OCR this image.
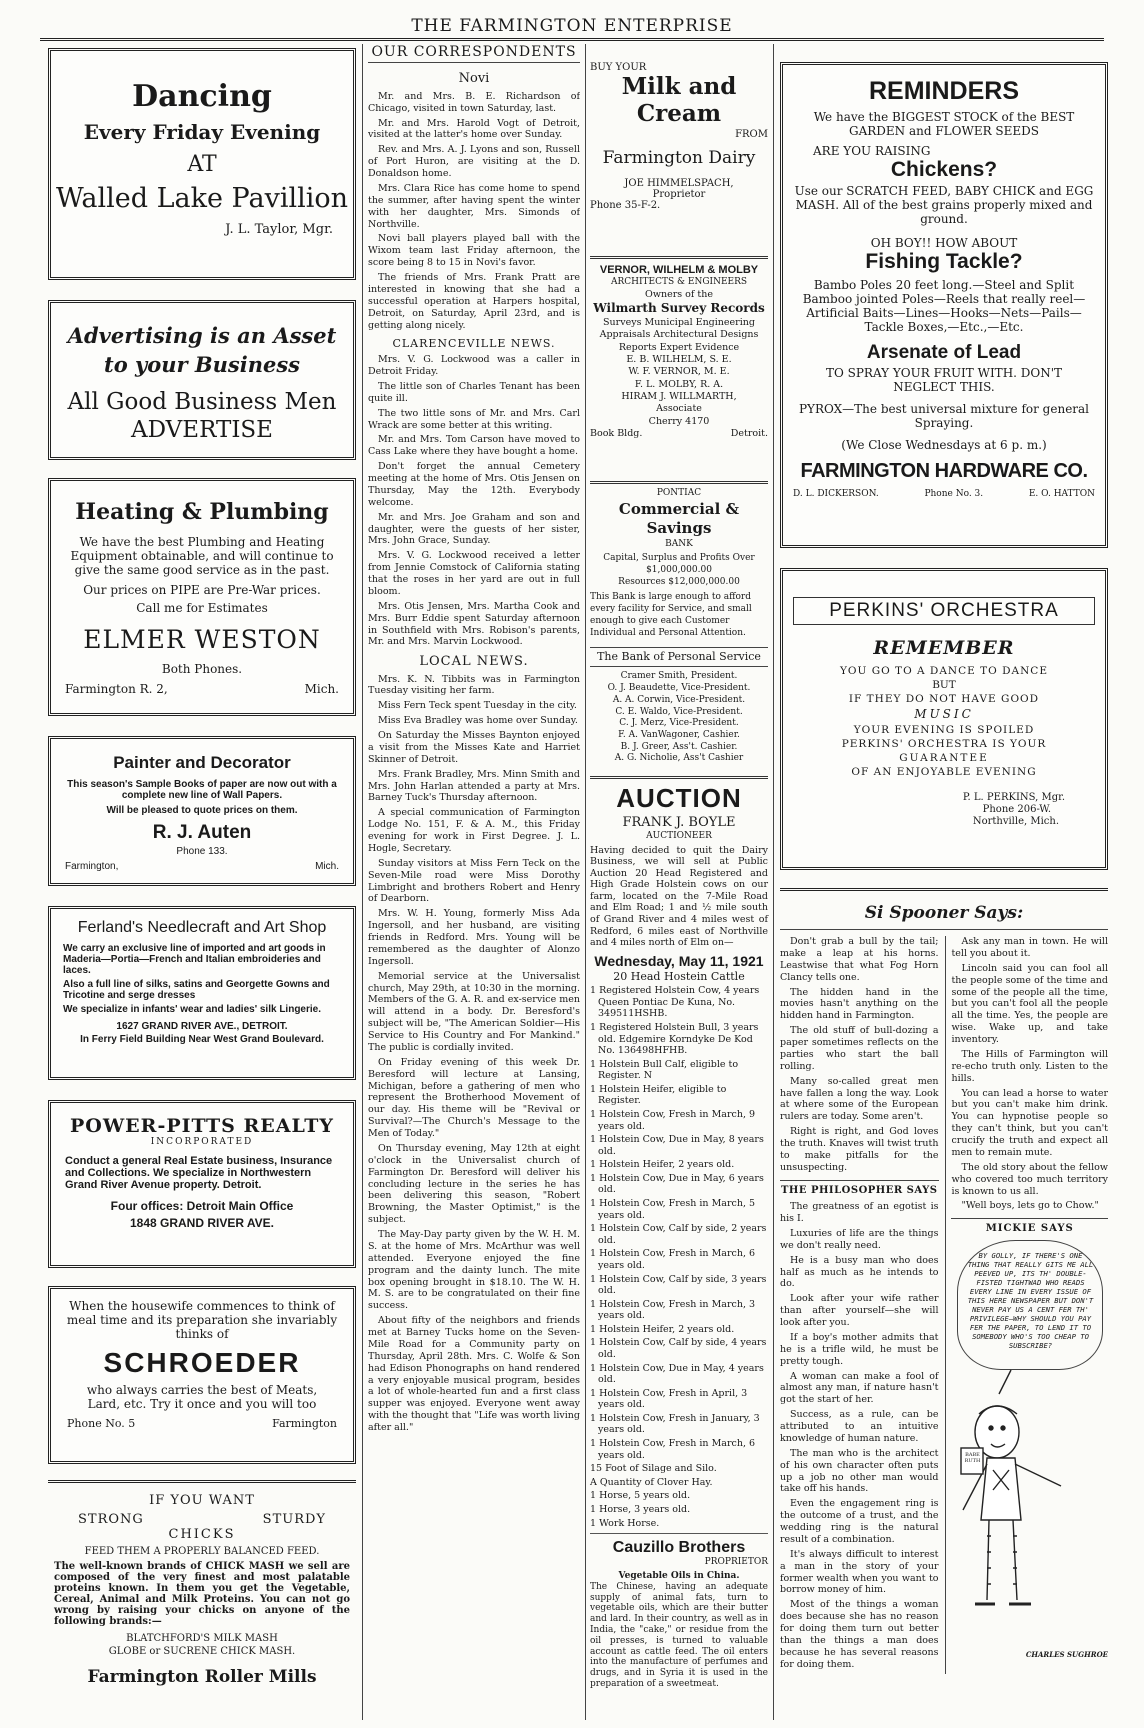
THE FARMINGTON ENTERPRISE
Dancing
Every Friday Evening
AT
Walled Lake Pavillion
J. L. Taylor, Mgr.
Advertising is an Asset
to your Business
All Good Business Men
ADVERTISE
Heating & Plumbing
We have the best Plumbing and Heating Equipment obtainable, and will continue to give the same good service as in the past.
Our prices on PIPE are Pre-War prices.
Call me for Estimates
ELMER WESTON
Both Phones.
Farmington R. 2,	Mich.
Painter and Decorator
This season's Sample Books of paper are now out with a complete new line of Wall Papers.
Will be pleased to quote prices on them.
R. J. Auten
Phone 133.
Farmington,	Mich.
Ferland's Needlecraft and Art Shop
We carry an exclusive line of imported and art goods in Maderia—Portia—French and Italian embroideries and laces.
Also a full line of silks, satins and Georgette Gowns and Tricotine and serge dresses
We specialize in infants' wear and ladies' silk Lingerie.
1627 GRAND RIVER AVE., DETROIT.
In Ferry Field Building Near West Grand Boulevard.
POWER-PITTS REALTY
INCORPORATED
Conduct a general Real Estate business, Insurance and Collections. We specialize in Northwestern Grand River Avenue property. Detroit.
Four offices: Detroit Main Office
1848 GRAND RIVER AVE.
When the housewife commences to think of meal time and its preparation she invariably thinks of
SCHROEDER
who always carries the best of Meats, Lard, etc. Try it once and you will too
Phone No. 5	Farmington
IF YOU WANT
STRONG	STURDY
CHICKS
FEED THEM A PROPERLY BALANCED FEED.
The well-known brands of CHICK MASH we sell are composed of the very finest and most palatable proteins known. In them you get the Vegetable, Cereal, Animal and Milk Proteins. You can not go wrong by raising your chicks on anyone of the following brands:—
BLATCHFORD'S MILK MASH
GLOBE or SUCRENE CHICK MASH.
Farmington Roller Mills
OUR CORRESPONDENTS
Novi

Mr. and Mrs. B. E. Richardson of Chicago, visited in town Saturday, last.

Mr. and Mrs. Harold Vogt of Detroit, visited at the latter's home over Sunday.

Rev. and Mrs. A. J. Lyons and son, Russell of Port Huron, are visiting at the D. Donaldson home.

Mrs. Clara Rice has come home to spend the summer, after having spent the winter with her daughter, Mrs. Simonds of Northville.

Novi ball players played ball with the Wixom team last Friday afternoon, the score being 8 to 15 in Novi's favor.

The friends of Mrs. Frank Pratt are interested in knowing that she had a successful operation at Harpers hospital, Detroit, on Saturday, April 23rd, and is getting along nicely.

CLARENCEVILLE NEWS.

Mrs. V. G. Lockwood was a caller in Detroit Friday.

The little son of Charles Tenant has been quite ill.

The two little sons of Mr. and Mrs. Carl Wrack are some better at this writing.

Mr. and Mrs. Tom Carson have moved to Cass Lake where they have bought a home.

Don't forget the annual Cemetery meeting at the home of Mrs. Otis Jensen on Thursday, May the 12th. Everybody welcome.

Mr. and Mrs. Joe Graham and son and daughter, were the guests of her sister, Mrs. John Grace, Sunday.

Mrs. V. G. Lockwood received a letter from Jennie Comstock of California stating that the roses in her yard are out in full bloom.

Mrs. Otis Jensen, Mrs. Martha Cook and Mrs. Burr Eddie spent Saturday afternoon in Southfield with Mrs. Robison's parents, Mr. and Mrs. Marvin Lockwood.

LOCAL NEWS.

Mrs. K. N. Tibbits was in Farmington Tuesday visiting her farm.

Miss Fern Teck spent Tuesday in the city.

Miss Eva Bradley was home over Sunday.

On Saturday the Misses Baynton enjoyed a visit from the Misses Kate and Harriet Skinner of Detroit.

Mrs. Frank Bradley, Mrs. Minn Smith and Mrs. John Harlan attended a party at Mrs. Barney Tuck's Thursday afternoon.

A special communication of Farmington Lodge No. 151, F. & A. M., this Friday evening for work in First Degree. J. L. Hogle, Secretary.

Sunday visitors at Miss Fern Teck on the Seven-Mile road were Miss Dorothy Limbright and brothers Robert and Henry of Dearborn.

Mrs. W. H. Young, formerly Miss Ada Ingersoll, and her husband, are visiting friends in Redford. Mrs. Young will be remembered as the daughter of Alonzo Ingersoll.

Memorial service at the Universalist church, May 29th, at 10:30 in the morning. Members of the G. A. R. and ex-service men will attend in a body. Dr. Beresford's subject will be, "The American Soldier—His Service to His Country and For Mankind." The public is cordially invited.

On Friday evening of this week Dr. Beresford will lecture at Lansing, Michigan, before a gathering of men who represent the Brotherhood Movement of our day. His theme will be "Revival or Survival?—The Church's Message to the Men of Today."

On Thursday evening, May 12th at eight o'clock in the Universalist church of Farmington Dr. Beresford will deliver his concluding lecture in the series he has been delivering this season, "Robert Browning, the Master Optimist," is the subject.

The May-Day party given by the W. H. M. S. at the home of Mrs. McArthur was well attended. Everyone enjoyed the fine program and the dainty lunch. The mite box opening brought in $18.10. The W. H. M. S. are to be congratulated on their fine success.

About fifty of the neighbors and friends met at Barney Tucks home on the Seven-Mile Road for a Community party on Thursday, April 28th. Mrs. C. Wolfe & Son had Edison Phonographs on hand rendered a very enjoyable musical program, besides a lot of whole-hearted fun and a first class supper was enjoyed. Everyone went away with the thought that "Life was worth living after all."

BUY YOUR
Milk and Cream
FROM
Farmington Dairy
JOE HIMMELSPACH,
Proprietor
Phone 35-F-2.
VERNOR, WILHELM & MOLBY
ARCHITECTS & ENGINEERS
Owners of the
Wilmarth Survey Records
Surveys Municipal Engineering
Appraisals Architectural Designs
Reports Expert Evidence
E. B. WILHELM, S. E.
W. F. VERNOR, M. E.
F. L. MOLBY, R. A.
HIRAM J. WILLMARTH,
Associate
Cherry 4170
Book Bldg.	Detroit.
PONTIAC
Commercial & Savings
BANK
Capital, Surplus and Profits Over $1,000,000.00
Resources $12,000,000.00
This Bank is large enough to afford every facility for Service, and small enough to give each Customer Individual and Personal Attention.
The Bank of Personal Service
Cramer Smith, President.
O. J. Beaudette, Vice-President.
A. A. Corwin, Vice-President.
C. E. Waldo, Vice-President.
C. J. Merz, Vice-President.
F. A. VanWagoner, Cashier.
B. J. Greer, Ass't. Cashier.
A. G. Nicholie, Ass't Cashier
AUCTION
FRANK J. BOYLE
AUCTIONEER
Having decided to quit the Dairy Business, we will sell at Public Auction 20 Head Registered and High Grade Holstein cows on our farm, located on the 7-Mile Road and Elm Road; 1 and ½ mile south of Grand River and 4 miles west of Redford, 6 miles east of Northville and 4 miles north of Elm on—
Wednesday, May 11, 1921
20 Head Hostein Cattle
1 Registered Holstein Cow, 4 years Queen Pontiac De Kuna, No. 349511HSHB.
1 Registered Holstein Bull, 3 years old. Edgemire Korndyke De Kod No. 136498HFHB.
1 Holstein Bull Calf, eligible to Register. N
1 Holstein Heifer, eligible to Register.
1 Holstein Cow, Fresh in March, 9 years old.
1 Holstein Cow, Due in May, 8 years old.
1 Holstein Heifer, 2 years old.
1 Holstein Cow, Due in May, 6 years old.
1 Holstein Cow, Fresh in March, 5 years old.
1 Holstein Cow, Calf by side, 2 years old.
1 Holstein Cow, Fresh in March, 6 years old.
1 Holstein Cow, Calf by side, 3 years old.
1 Holstein Cow, Fresh in March, 3 years old.
1 Holstein Heifer, 2 years old.
1 Holstein Cow, Calf by side, 4 years old.
1 Holstein Cow, Due in May, 4 years old.
1 Holstein Cow, Fresh in April, 3 years old.
1 Holstein Cow, Fresh in January, 3 years old.
1 Holstein Cow, Fresh in March, 6 years old.
15 Foot of Silage and Silo.
A Quantity of Clover Hay.
1 Horse, 5 years old.
1 Horse, 3 years old.
1 Work Horse.
Cauzillo Brothers
PROPRIETOR
Vegetable Oils in China.
The Chinese, having an adequate supply of animal fats, turn to vegetable oils, which are their butter and lard. In their country, as well as in India, the "cake," or residue from the oil presses, is turned to valuable account as cattle feed. The oil enters into the manufacture of perfumes and drugs, and in Syria it is used in the preparation of a sweetmeat.
REMINDERS
We have the BIGGEST STOCK of the BEST GARDEN and FLOWER SEEDS
ARE YOU RAISING
Chickens?
Use our SCRATCH FEED, BABY CHICK and EGG MASH. All of the best grains properly mixed and ground.
OH BOY!! HOW ABOUT
Fishing Tackle?
Bambo Poles 20 feet long.—Steel and Split Bamboo jointed Poles—Reels that really reel—Artificial Baits—Lines—Hooks—Nets—Pails—Tackle Boxes,—Etc.,—Etc.
Arsenate of Lead
TO SPRAY YOUR FRUIT WITH. DON'T NEGLECT THIS.
PYROX—The best universal mixture for general Spraying.
(We Close Wednesdays at 6 p. m.)
FARMINGTON HARDWARE CO.
D. L. DICKERSON.	Phone No. 3.	E. O. HATTON
PERKINS' ORCHESTRA
REMEMBER
YOU GO TO A DANCE TO DANCE
BUT
IF THEY DO NOT HAVE GOOD
MUSIC
YOUR EVENING IS SPOILED
PERKINS' ORCHESTRA IS YOUR
GUARANTEE
OF AN ENJOYABLE EVENING
P. L. PERKINS, Mgr.
Phone 206-W.
Northville, Mich.
Si Spooner Says:

Don't grab a bull by the tail; make a leap at his horns. Leastwise that what Fog Horn Clancy tells one.

The hidden hand in the movies hasn't anything on the hidden hand in Farmington.

The old stuff of bull-dozing a paper sometimes reflects on the parties who start the ball rolling.

Many so-called great men have fallen a long the way. Look at where some of the European rulers are today. Some aren't.

Right is right, and God loves the truth. Knaves will twist truth to make pitfalls for the unsuspecting.

THE PHILOSOPHER SAYS

The greatness of an egotist is his I.

Luxuries of life are the things we don't really need.

He is a busy man who does half as much as he intends to do.

Look after your wife rather than after yourself—she will look after you.

If a boy's mother admits that he is a trifle wild, he must be pretty tough.

A woman can make a fool of almost any man, if nature hasn't got the start of her.

Success, as a rule, can be attributed to an intuitive knowledge of human nature.

The man who is the architect of his own character often puts up a job no other man would take off his hands.

Even the engagement ring is the outcome of a trust, and the wedding ring is the natural result of a combination.

It's always difficult to interest a man in the story of your former wealth when you want to borrow money of him.

Most of the things a woman does because she has no reason for doing them turn out better than the things a man does because he has several reasons for doing them.

Ask any man in town. He will tell you about it.

Lincoln said you can fool all the people some of the time and some of the people all the time, but you can't fool all the people all the time. Yes, the people are wise. Wake up, and take inventory.

The Hills of Farmington will re-echo truth only. Listen to the hills.

You can lead a horse to water but you can't make him drink. You can hypnotise people so they can't think, but you can't crucify the truth and expect all men to remain mute.

The old story about the fellow who covered too much territory is known to us all.

"Well boys, lets go to Chow."

MICKIE SAYS
BY GOLLY, IF THERE'S ONE THING THAT REALLY GITS ME ALL PEEVED UP, ITS TH' DOUBLE-FISTED TIGHTWAD WHO READS EVERY LINE IN EVERY ISSUE OF THIS HERE NEWSPAPER BUT DON'T NEVER PAY US A CENT FER TH' PRIVILEGE—WHY SHOULD YOU PAY FER THE PAPER, TO LEND IT TO SOMEBODY WHO'S TOO CHEAP TO SUBSCRIBE?
BABE RUTH
CHARLES SUGHROE
